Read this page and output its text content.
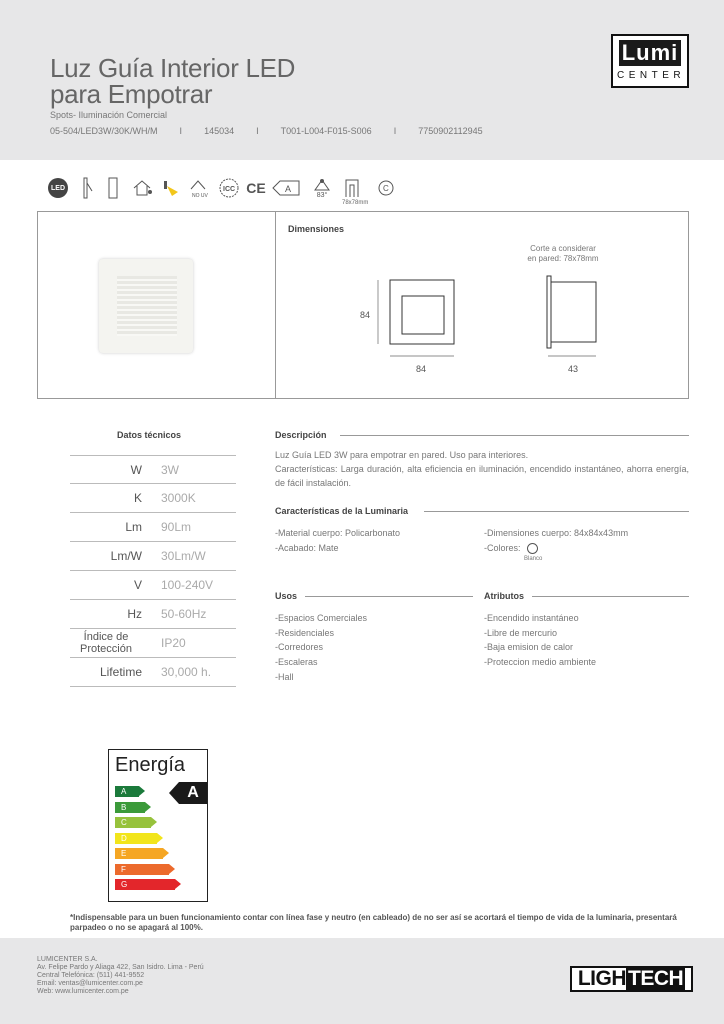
Luz Guía Interior LED
para Empotrar
Spots- Iluminación Comercial
05-504/LED3W/30K/WH/M I 145034 I T001-L004-F015-S006 I 7750902112945
Lumi
CENTER
LED
NO UV
ICC CE A
83°
78x78mm
C
Dimensiones
Corte a considerar
en pared: 78x78mm
84
84	43
Datos técnicos
W 3W
K 3000K
Lm 90Lm
Lm/W 30Lm/W
V 100-240V
Hz 50-60Hz
Índice de Protección	IP20
Lifetime 30,000 h.
Descripción
Luz Guía LED 3W para empotrar en pared. Uso para interiores.
Características: Larga duración, alta eficiencia en iluminación, encendido instantáneo, ahorra energía, de fácil instalación.
Características de la Luminaria
-Material cuerpo: Policarbonato
-Acabado: Mate
-Dimensiones cuerpo: 84x84x43mm
-Colores:
Blanco
Usos
-Espacios Comerciales
-Residenciales
-Corredores
-Escaleras
-Hall
Atributos
-Encendido instantáneo
-Libre de mercurio
-Baja emision de calor
-Proteccion medio ambiente
Energía
A
A
B
C
D
E
F
G
*Indispensable para un buen funcionamiento contar con línea fase y neutro (en cableado) de no ser así se acortará el tiempo de vida de la luminaria, presentará parpadeo o no se apagará al 100%.
LUMICENTER S.A.
Av. Felipe Pardo y Aliaga 422, San Isidro. Lima - Perú
Central Telefónica: (511) 441-9552
Email: ventas@lumicenter.com.pe
Web: www.lumicenter.com.pe
LIGHTECH
